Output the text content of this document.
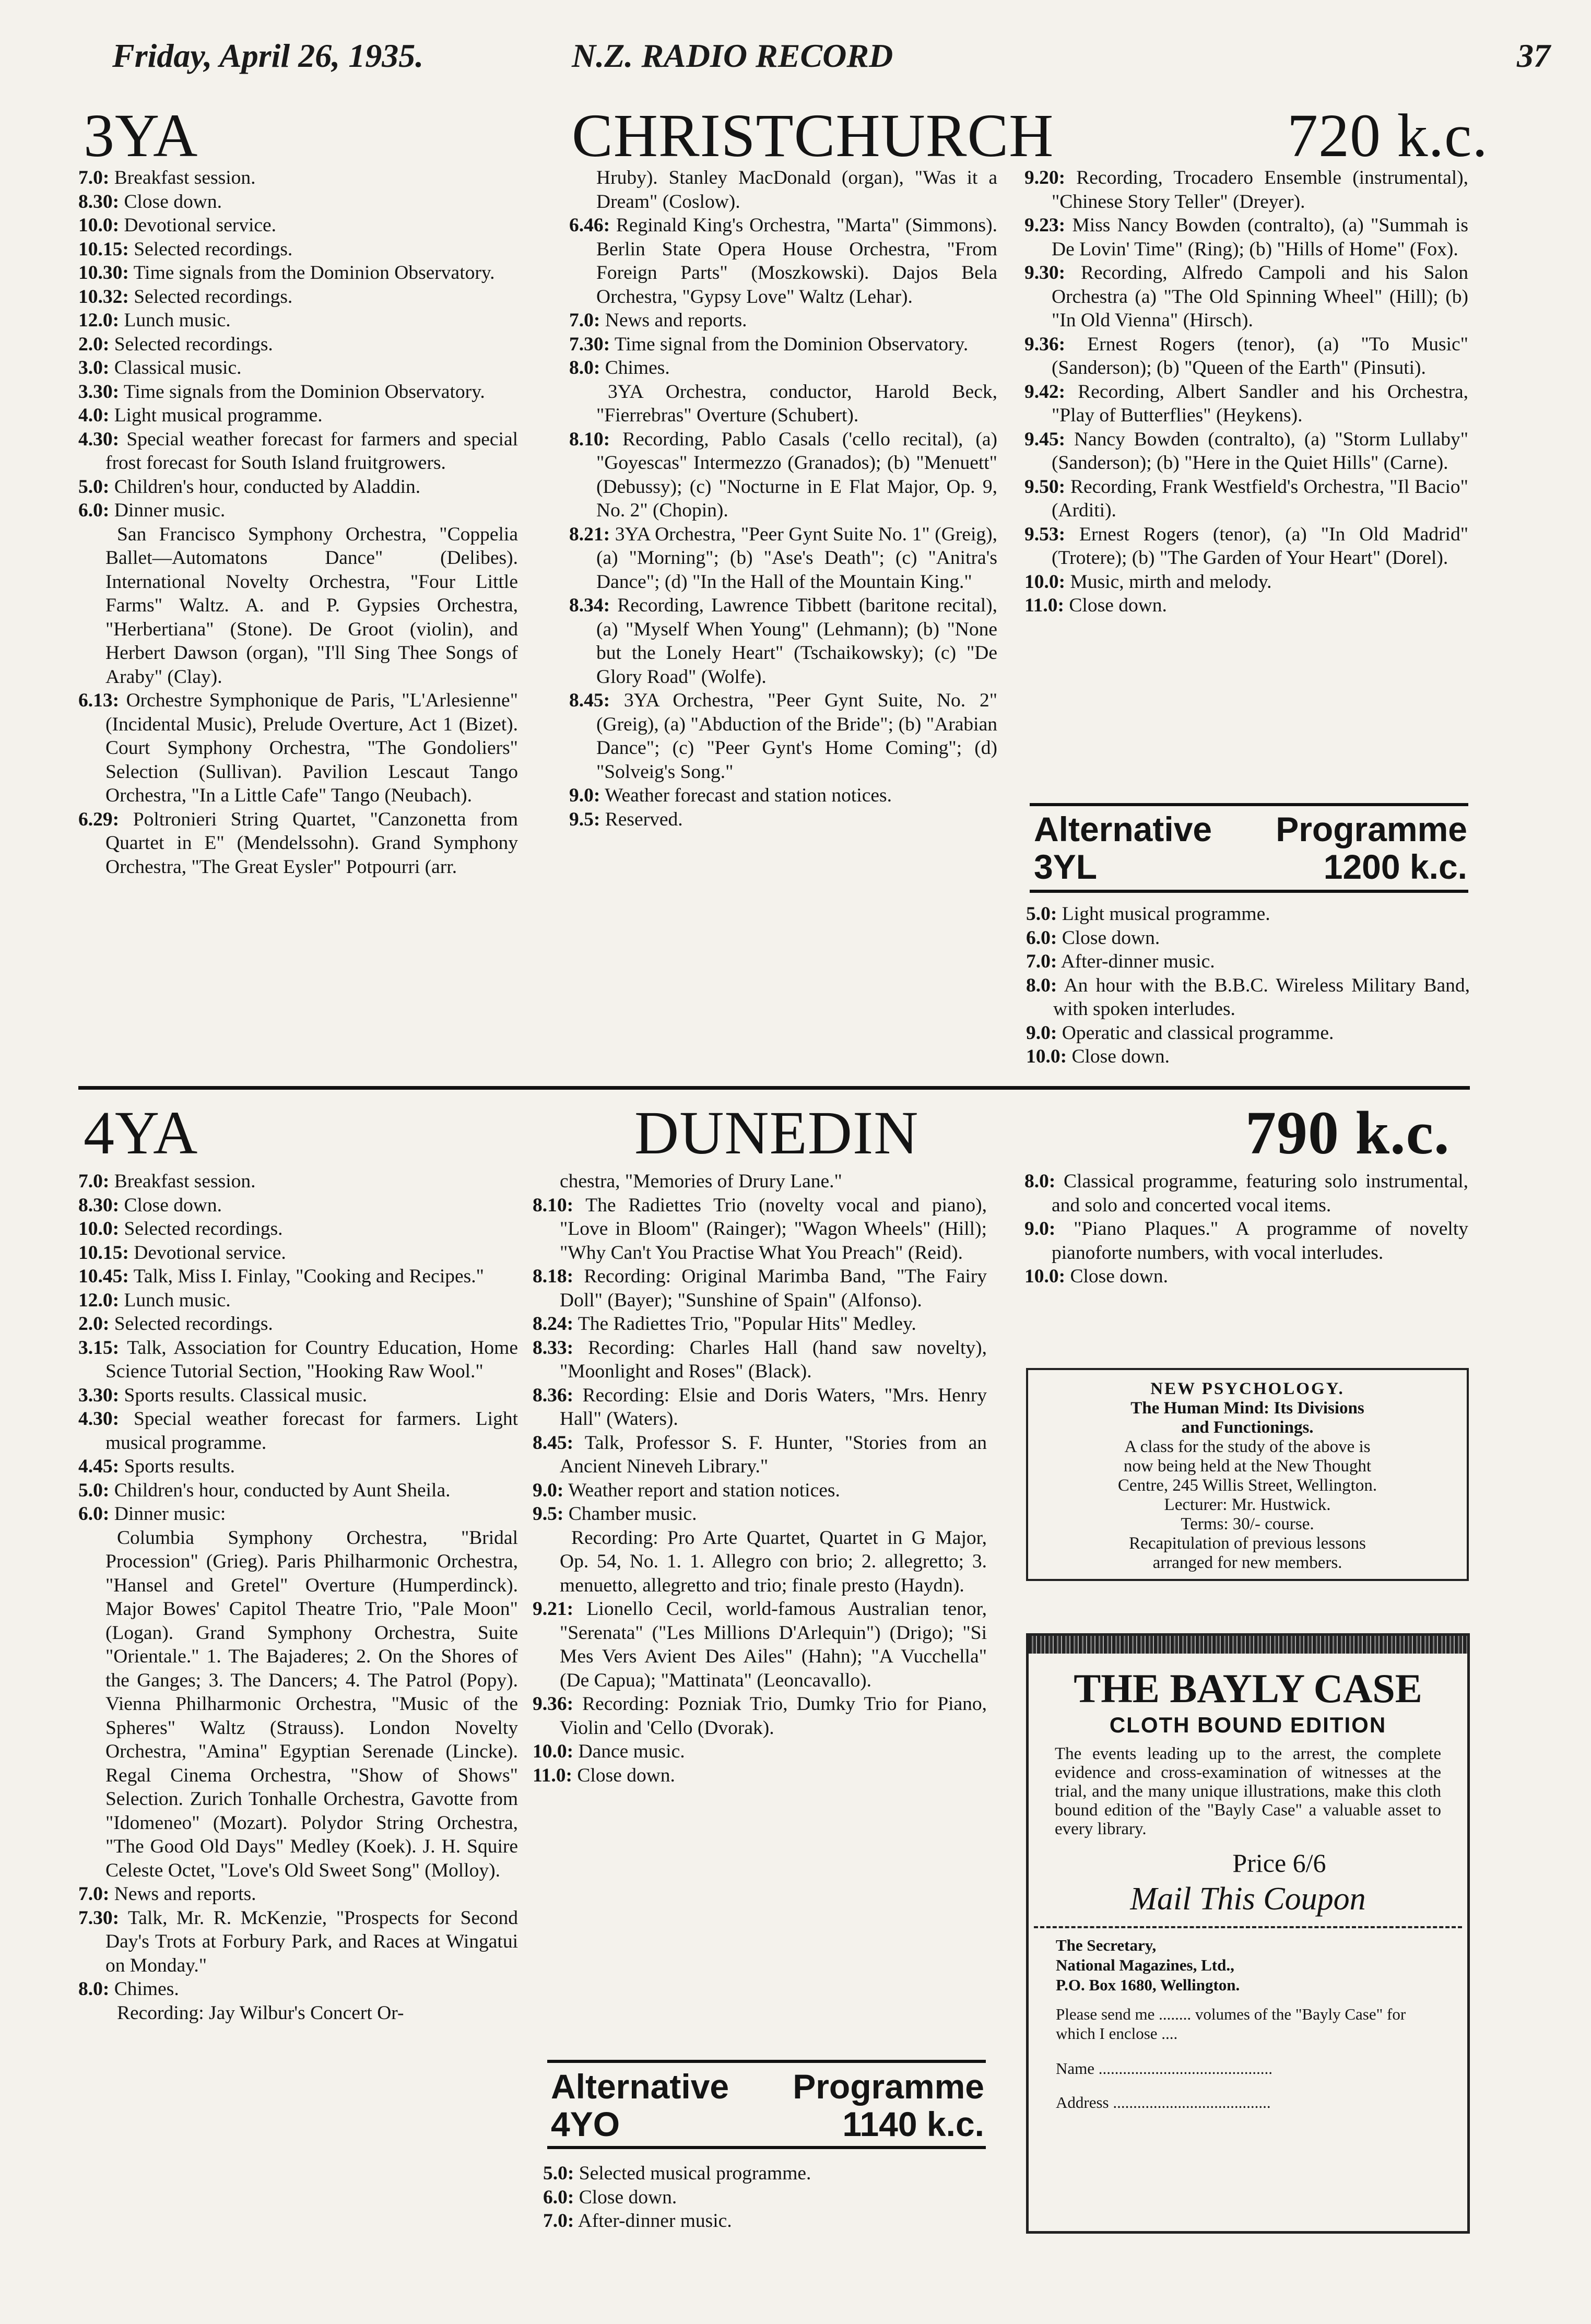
Friday, April 26, 1935.	N.Z. RADIO RECORD	37
3YA	CHRISTCHURCH	720 k.c.

7.0: Breakfast session.

8.30: Close down.

10.0: Devotional service.

10.15: Selected recordings.

10.30: Time signals from the Dominion Observatory.

10.32: Selected recordings.

12.0: Lunch music.

2.0: Selected recordings.

3.0: Classical music.

3.30: Time signals from the Dominion Observatory.

4.0: Light musical programme.

4.30: Special weather forecast for farmers and special frost forecast for South Island fruitgrowers.

5.0: Children's hour, conducted by Aladdin.

6.0: Dinner music.

San Francisco Symphony Orchestra, "Coppelia Ballet—Automatons Dance" (Delibes). International Novelty Orchestra, "Four Little Farms" Waltz. A. and P. Gypsies Orchestra, "Herbertiana" (Stone). De Groot (violin), and Herbert Dawson (organ), "I'll Sing Thee Songs of Araby" (Clay).

6.13: Orchestre Symphonique de Paris, "L'Arlesienne" (Incidental Music), Prelude Overture, Act 1 (Bizet). Court Symphony Orchestra, "The Gondoliers" Selection (Sullivan). Pavilion Lescaut Tango Orchestra, "In a Little Cafe" Tango (Neubach).

6.29: Poltronieri String Quartet, "Canzonetta from Quartet in E" (Mendelssohn). Grand Symphony Orchestra, "The Great Eysler" Potpourri (arr.

Hruby). Stanley MacDonald (organ), "Was it a Dream" (Coslow).

6.46: Reginald King's Orchestra, "Marta" (Simmons). Berlin State Opera House Orchestra, "From Foreign Parts" (Moszkowski). Dajos Bela Orchestra, "Gypsy Love" Waltz (Lehar).

7.0: News and reports.

7.30: Time signal from the Dominion Observatory.

8.0: Chimes.

3YA Orchestra, conductor, Harold Beck, "Fierrebras" Overture (Schubert).

8.10: Recording, Pablo Casals ('cello recital), (a) "Goyescas" Intermezzo (Granados); (b) "Menuett" (Debussy); (c) "Nocturne in E Flat Major, Op. 9, No. 2" (Chopin).

8.21: 3YA Orchestra, "Peer Gynt Suite No. 1" (Greig), (a) "Morning"; (b) "Ase's Death"; (c) "Anitra's Dance"; (d) "In the Hall of the Mountain King."

8.34: Recording, Lawrence Tibbett (baritone recital), (a) "Myself When Young" (Lehmann); (b) "None but the Lonely Heart" (Tschaikowsky); (c) "De Glory Road" (Wolfe).

8.45: 3YA Orchestra, "Peer Gynt Suite, No. 2" (Greig), (a) "Abduction of the Bride"; (b) "Arabian Dance"; (c) "Peer Gynt's Home Coming"; (d) "Solveig's Song."

9.0: Weather forecast and station notices.

9.5: Reserved.

9.20: Recording, Trocadero Ensemble (instrumental), "Chinese Story Teller" (Dreyer).

9.23: Miss Nancy Bowden (contralto), (a) "Summah is De Lovin' Time" (Ring); (b) "Hills of Home" (Fox).

9.30: Recording, Alfredo Campoli and his Salon Orchestra (a) "The Old Spinning Wheel" (Hill); (b) "In Old Vienna" (Hirsch).

9.36: Ernest Rogers (tenor), (a) "To Music" (Sanderson); (b) "Queen of the Earth" (Pinsuti).

9.42: Recording, Albert Sandler and his Orchestra, "Play of Butterflies" (Heykens).

9.45: Nancy Bowden (contralto), (a) "Storm Lullaby" (Sanderson); (b) "Here in the Quiet Hills" (Carne).

9.50: Recording, Frank Westfield's Orchestra, "Il Bacio" (Arditi).

9.53: Ernest Rogers (tenor), (a) "In Old Madrid" (Trotere); (b) "The Garden of Your Heart" (Dorel).

10.0: Music, mirth and melody.

11.0: Close down.

Alternative Programme
3YL	1200 k.c.

5.0: Light musical programme.

6.0: Close down.

7.0: After-dinner music.

8.0: An hour with the B.B.C. Wireless Military Band, with spoken interludes.

9.0: Operatic and classical programme.

10.0: Close down.

4YA	DUNEDIN	790 k.c.

7.0: Breakfast session.

8.30: Close down.

10.0: Selected recordings.

10.15: Devotional service.

10.45: Talk, Miss I. Finlay, "Cooking and Recipes."

12.0: Lunch music.

2.0: Selected recordings.

3.15: Talk, Association for Country Education, Home Science Tutorial Section, "Hooking Raw Wool."

3.30: Sports results. Classical music.

4.30: Special weather forecast for farmers. Light musical programme.

4.45: Sports results.

5.0: Children's hour, conducted by Aunt Sheila.

6.0: Dinner music:

Columbia Symphony Orchestra, "Bridal Procession" (Grieg). Paris Philharmonic Orchestra, "Hansel and Gretel" Overture (Humperdinck). Major Bowes' Capitol Theatre Trio, "Pale Moon" (Logan). Grand Symphony Orchestra, Suite "Orientale." 1. The Bajaderes; 2. On the Shores of the Ganges; 3. The Dancers; 4. The Patrol (Popy). Vienna Philharmonic Orchestra, "Music of the Spheres" Waltz (Strauss). London Novelty Orchestra, "Amina" Egyptian Serenade (Lincke). Regal Cinema Orchestra, "Show of Shows" Selection. Zurich Tonhalle Orchestra, Gavotte from "Idomeneo" (Mozart). Polydor String Orchestra, "The Good Old Days" Medley (Koek). J. H. Squire Celeste Octet, "Love's Old Sweet Song" (Molloy).

7.0: News and reports.

7.30: Talk, Mr. R. McKenzie, "Prospects for Second Day's Trots at Forbury Park, and Races at Wingatui on Monday."

8.0: Chimes.

Recording: Jay Wilbur's Concert Or-

chestra, "Memories of Drury Lane."

8.10: The Radiettes Trio (novelty vocal and piano), "Love in Bloom" (Rainger); "Wagon Wheels" (Hill); "Why Can't You Practise What You Preach" (Reid).

8.18: Recording: Original Marimba Band, "The Fairy Doll" (Bayer); "Sunshine of Spain" (Alfonso).

8.24: The Radiettes Trio, "Popular Hits" Medley.

8.33: Recording: Charles Hall (hand saw novelty), "Moonlight and Roses" (Black).

8.36: Recording: Elsie and Doris Waters, "Mrs. Henry Hall" (Waters).

8.45: Talk, Professor S. F. Hunter, "Stories from an Ancient Nineveh Library."

9.0: Weather report and station notices.

9.5: Chamber music.

Recording: Pro Arte Quartet, Quartet in G Major, Op. 54, No. 1. 1. Allegro con brio; 2. allegretto; 3. menuetto, allegretto and trio; finale presto (Haydn).

9.21: Lionello Cecil, world-famous Australian tenor, "Serenata" ("Les Millions D'Arlequin") (Drigo); "Si Mes Vers Avient Des Ailes" (Hahn); "A Vucchella" (De Capua); "Mattinata" (Leoncavallo).

9.36: Recording: Pozniak Trio, Dumky Trio for Piano, Violin and 'Cello (Dvorak).

10.0: Dance music.

11.0: Close down.

8.0: Classical programme, featuring solo instrumental, and solo and concerted vocal items.

9.0: "Piano Plaques." A programme of novelty pianoforte numbers, with vocal interludes.

10.0: Close down.

Alternative Programme
4YO	1140 k.c.

5.0: Selected musical programme.

6.0: Close down.

7.0: After-dinner music.

NEW PSYCHOLOGY.
The Human Mind: Its Divisions
and Functionings.
A class for the study of the above is
now being held at the New Thought
Centre, 245 Willis Street, Wellington.
Lecturer: Mr. Hustwick.
Terms: 30/- course.
Recapitulation of previous lessons
arranged for new members.
THE BAYLY CASE
CLOTH BOUND EDITION
The events leading up to the arrest, the complete evidence and cross-examination of witnesses at the trial, and the many unique illustrations, make this cloth bound edition of the "Bayly Case" a valuable asset to every library.
Price 6/6
Mail This Coupon
The Secretary,
National Magazines, Ltd.,
P.O. Box 1680, Wellington.
Please send me ........ volumes of the "Bayly Case" for which I enclose ....
Name ...........................................
Address .......................................
